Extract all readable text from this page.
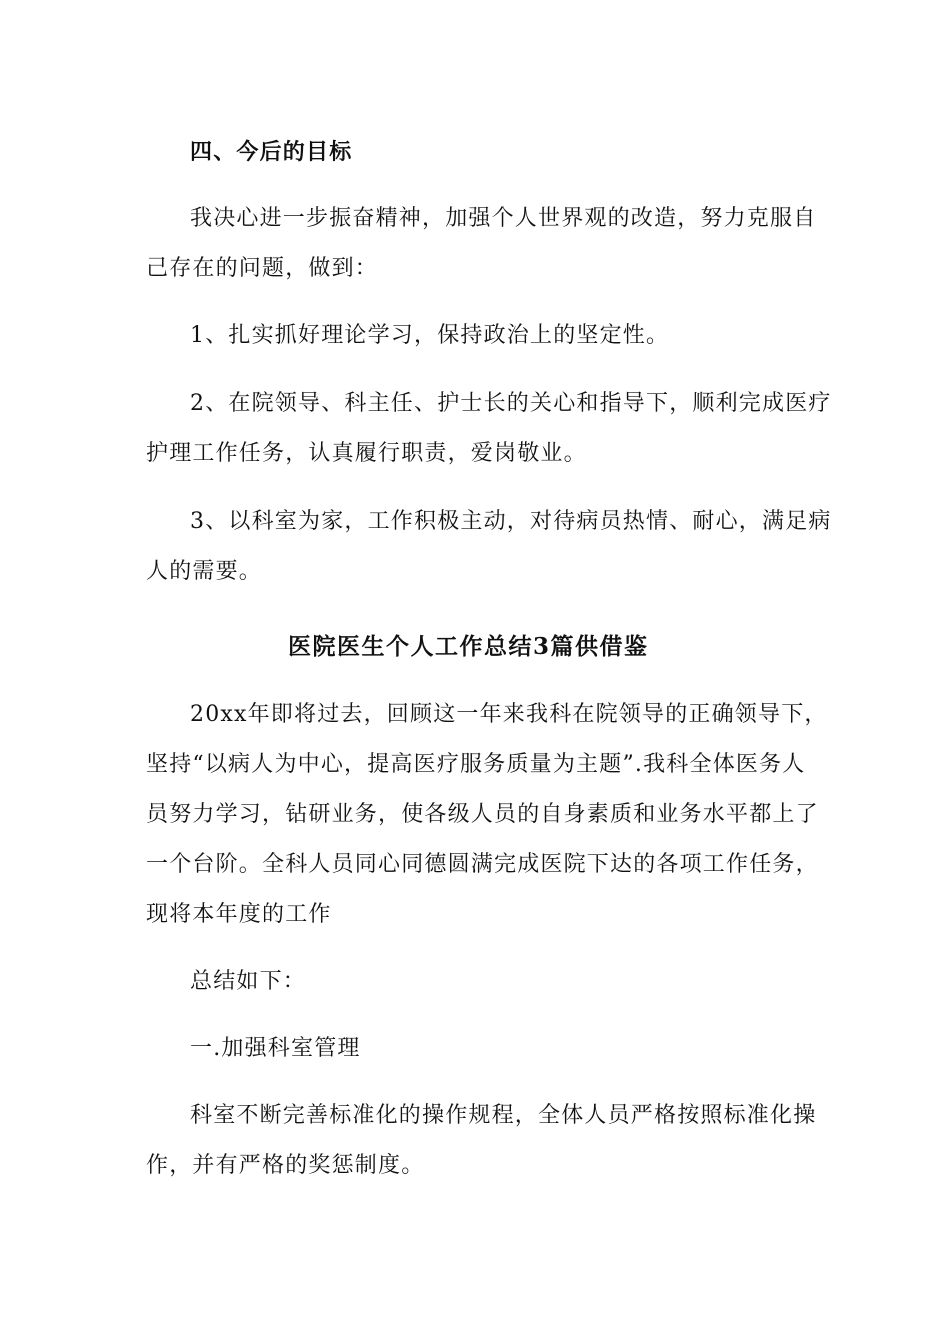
四、今后的目标
我决心进一步振奋精神，加强个人世界观的改造，努力克服自
己存在的问题，做到：
1、扎实抓好理论学习，保持政治上的坚定性。
2、在院领导、科主任、护士长的关心和指导下，顺利完成医疗
护理工作任务，认真履行职责，爱岗敬业。
3、以科室为家，工作积极主动，对待病员热情、耐心，满足病
人的需要。
医院医生个人工作总结3篇供借鉴
20xx年即将过去，回顾这一年来我科在院领导的正确领导下，
坚持“以病人为中心，提高医疗服务质量为主题”.我科全体医务人
员努力学习，钻研业务，使各级人员的自身素质和业务水平都上了
一个台阶。全科人员同心同德圆满完成医院下达的各项工作任务，
现将本年度的工作
总结如下：
一.加强科室管理
科室不断完善标准化的操作规程，全体人员严格按照标准化操
作，并有严格的奖惩制度。
